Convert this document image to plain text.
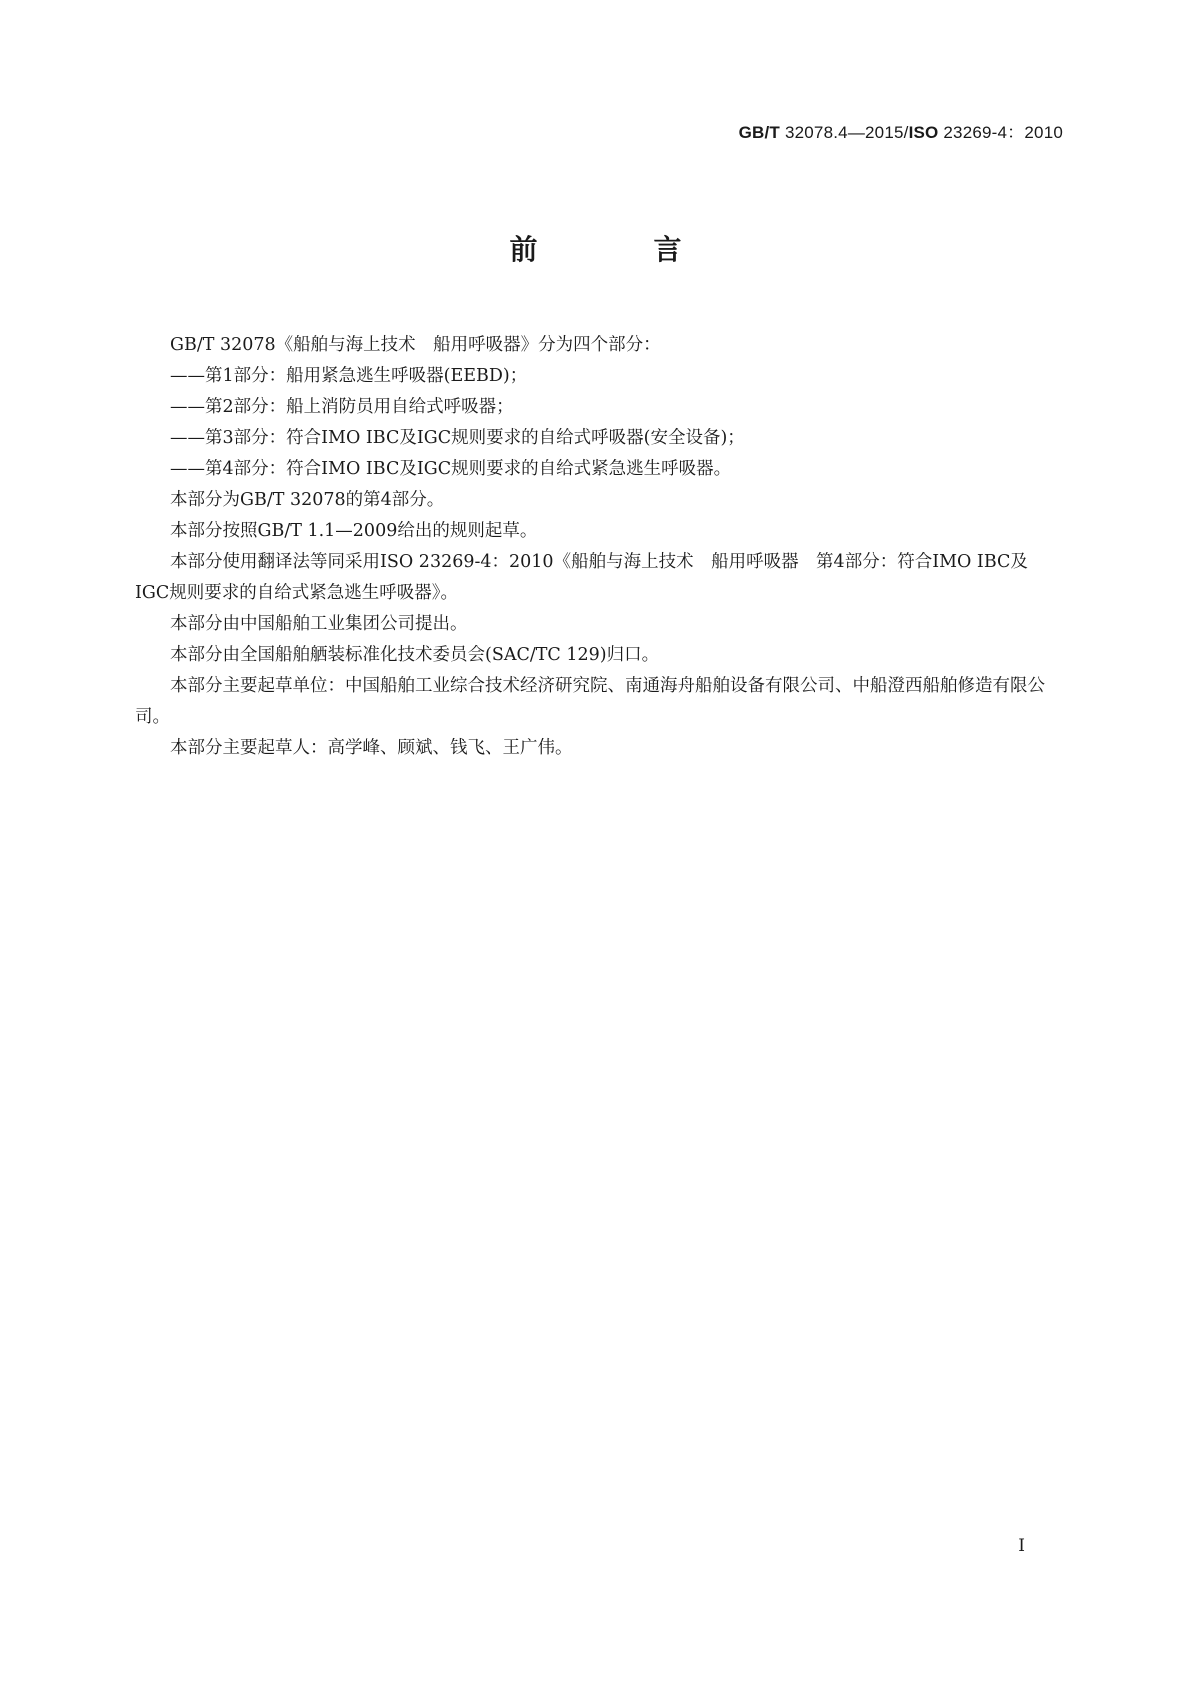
GB/T 32078.4—2015/ISO 23269-4：2010
前　言

GB/T 32078《船舶与海上技术　船用呼吸器》分为四个部分：

——第1部分：船用紧急逃生呼吸器(EEBD)；

——第2部分：船上消防员用自给式呼吸器；

——第3部分：符合IMO IBC及IGC规则要求的自给式呼吸器(安全设备)；

——第4部分：符合IMO IBC及IGC规则要求的自给式紧急逃生呼吸器。

本部分为GB/T 32078的第4部分。

本部分按照GB/T 1.1—2009给出的规则起草。

本部分使用翻译法等同采用ISO 23269-4：2010《船舶与海上技术　船用呼吸器　第4部分：符合IMO IBC及IGC规则要求的自给式紧急逃生呼吸器》。

本部分由中国船舶工业集团公司提出。

本部分由全国船舶舾装标准化技术委员会(SAC/TC 129)归口。

本部分主要起草单位：中国船舶工业综合技术经济研究院、南通海舟船舶设备有限公司、中船澄西船舶修造有限公司。

本部分主要起草人：高学峰、顾斌、钱飞、王广伟。

I
